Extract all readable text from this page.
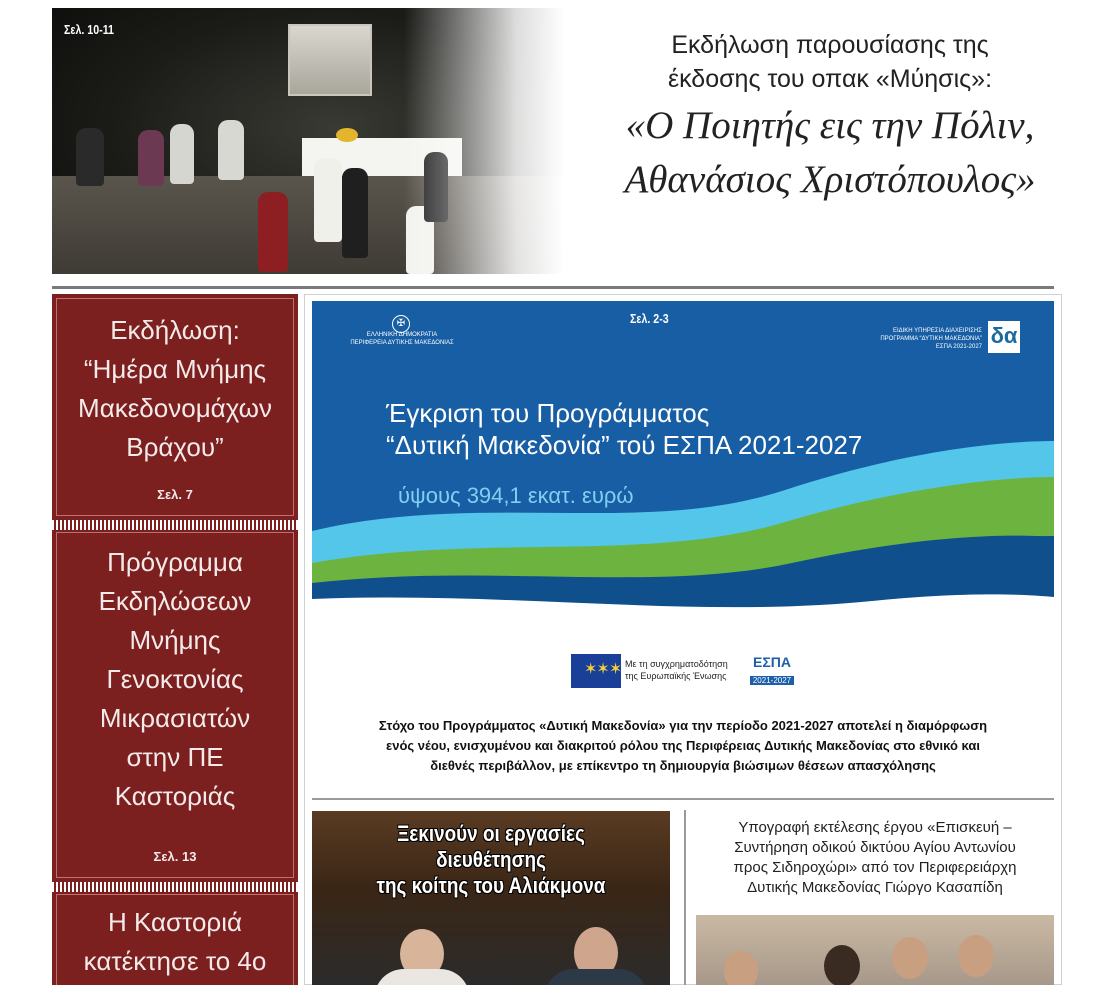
Σελ. 10-11
Εκδήλωση παρουσίασης της
έκδοσης του οπακ «Μύησις»:
«Ο Ποιητής εις την Πόλιν,
Αθανάσιος Χριστόπουλος»
Εκδήλωση:
“Ημέρα Μνήμης
Μακεδονομάχων
Βράχου”
Σελ. 7
Πρόγραμμα
Εκδηλώσεων
Μνήμης
Γενοκτονίας
Μικρασιατών
στην ΠΕ
Καστοριάς
Σελ. 13
Η Καστοριά
κατέκτησε το 4ο
✠
ΕΛΛΗΝΙΚΗ ΔΗΜΟΚΡΑΤΙΑ
ΠΕΡΙΦΕΡΕΙΑ ΔΥΤΙΚΗΣ ΜΑΚΕΔΟΝΙΑΣ
Σελ. 2-3
ΕΙΔΙΚΗ ΥΠΗΡΕΣΙΑ ΔΙΑΧΕΙΡΙΣΗΣ
ΠΡΟΓΡΑΜΜΑ “ΔΥΤΙΚΗ ΜΑΚΕΔΟΝΙΑ”
ΕΣΠΑ 2021-2027 δα
Έγκριση του Προγράμματος
“Δυτική Μακεδονία” τού ΕΣΠΑ 2021-2027
ύψους 394,1 εκατ. ευρώ
✶✶✶ Με τη συγχρηματοδότηση
της Ευρωπαϊκής Ένωσης
ΕΣΠΑ
2021-2027
Στόχο του Προγράμματος «Δυτική Μακεδονία» για την περίοδο 2021-2027 αποτελεί η διαμόρφωση
ενός νέου, ενισχυμένου και διακριτού ρόλου της Περιφέρειας Δυτικής Μακεδονίας στο εθνικό και
διεθνές περιβάλλον, με επίκεντρο τη δημιουργία βιώσιμων θέσεων απασχόλησης
Ξεκινούν οι εργασίες
διευθέτησης
της κοίτης του Αλιάκμονα
Υπογραφή εκτέλεσης έργου «Επισκευή –
Συντήρηση οδικού δικτύου Αγίου Αντωνίου
προς Σιδηροχώρι» από τον Περιφερειάρχη
Δυτικής Μακεδονίας Γιώργο Κασαπίδη
